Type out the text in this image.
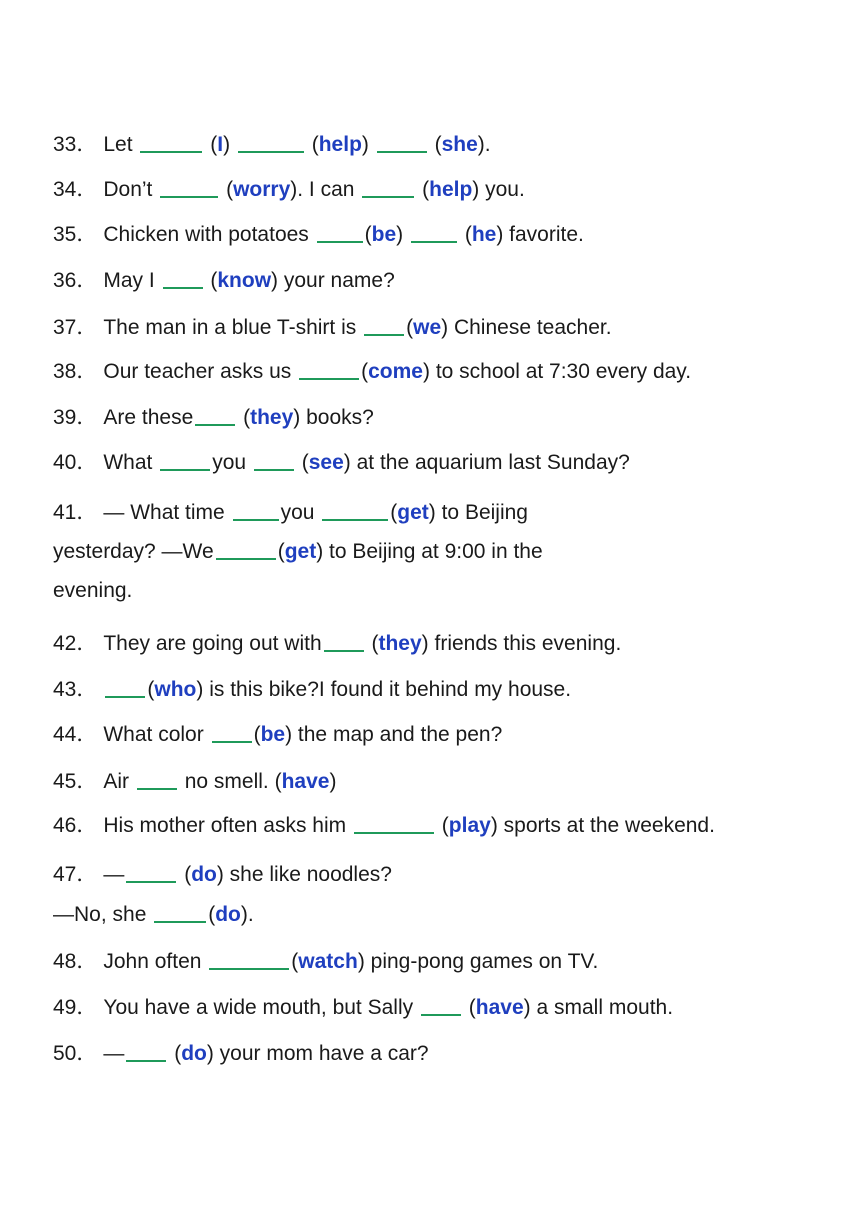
33． Let	(I)	(help)	(she).
34． Don’t	(worry). I can	(help) you.
35． Chicken with potatoes	(be)  (he) favorite.
36． May I  (know) your name?
37． The man in a blue T-shirt is (we) Chinese teacher.
38． Our teacher asks us	(come) to school at 7:30 every day.
39． Are these (they) books?
40． What	you  (see) at the aquarium last Sunday?
41． — What time	you	(get) to Beijing
yesterday? —We	(get) to Beijing at 9:00 in the
evening.
42． They are going out with (they) friends this evening.
43． (who) is this bike?I found it behind my house.
44． What color (be) the map and the pen?
45． Air	no smell. (have)
46． His mother often asks him	(play) sports at the weekend.
47． —	(do) she like noodles?
—No, she	(do).
48． John often	(watch) ping-pong games on TV.
49． You have a wide mouth, but Sally  (have) a small mouth.
50． — (do) your mom have a car?
